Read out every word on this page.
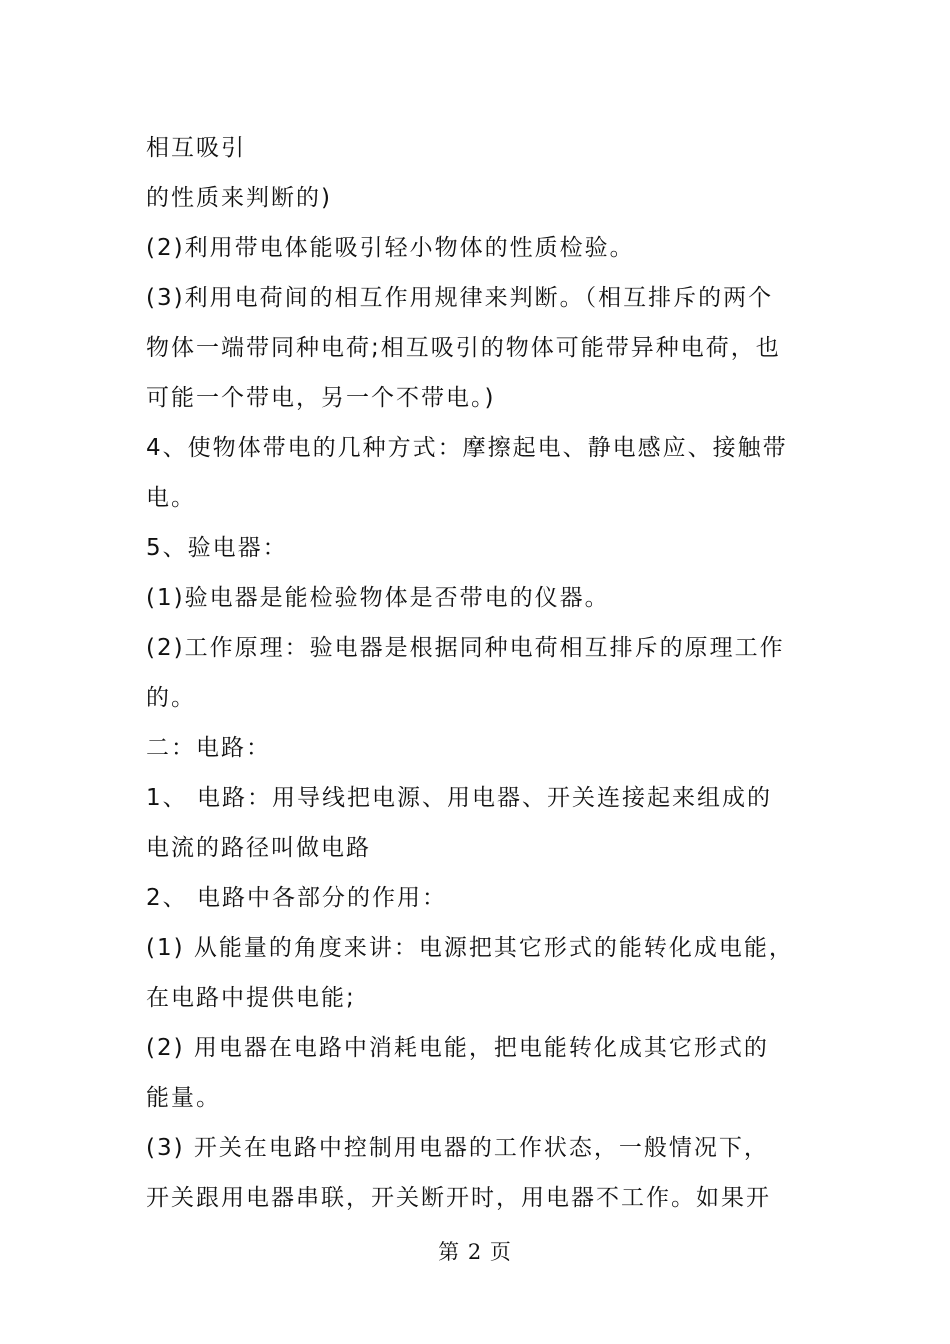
相互吸引
的性质来判断的)
(2)利用带电体能吸引轻小物体的性质检验。
(3)利用电荷间的相互作用规律来判断。（相互排斥的两个
物体一端带同种电荷;相互吸引的物体可能带异种电荷，也
可能一个带电，另一个不带电。)
4、使物体带电的几种方式：摩擦起电、静电感应、接触带
电。
5、验电器：
(1)验电器是能检验物体是否带电的仪器。
(2)工作原理：验电器是根据同种电荷相互排斥的原理工作
的。
二：电路：
1、 电路：用导线把电源、用电器、开关连接起来组成的
电流的路径叫做电路
2、 电路中各部分的作用：
(1) 从能量的角度来讲：电源把其它形式的能转化成电能，
在电路中提供电能;
(2) 用电器在电路中消耗电能，把电能转化成其它形式的
能量。
(3) 开关在电路中控制用电器的工作状态，一般情况下，
开关跟用电器串联，开关断开时，用电器不工作。如果开
第 2 页
